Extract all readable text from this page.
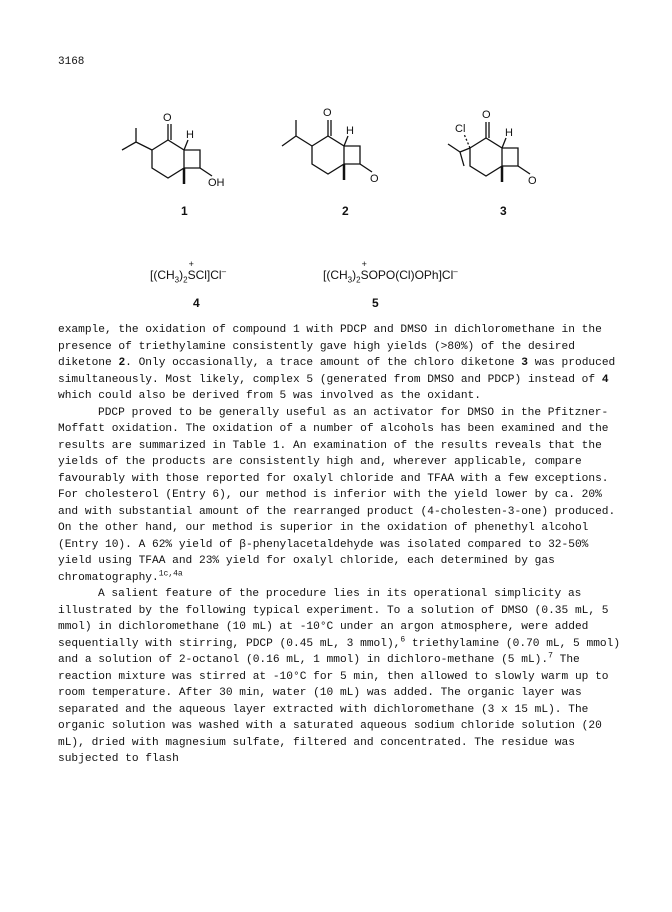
3168
O
H
OH
1
O
H
O
2
Cl
O
H
O
3
[$(CH_3)_2$
+
SCl]Cl–
4
[$(CH_3)_2$
+
SOPO(Cl)OPh]Cl–
5

example, the oxidation of compound 1 with PDCP and DMSO in dichloromethane in the presence of triethylamine consistently gave high yields (>80%) of the desired diketone 2. Only occasionally, a trace amount of the chloro diketone 3 was produced simultaneously. Most likely, complex 5 (generated from DMSO and PDCP) instead of 4 which could also be derived from 5 was involved as the oxidant.

PDCP proved to be generally useful as an activator for DMSO in the Pfitzner-Moffatt oxidation. The oxidation of a number of alcohols has been examined and the results are summarized in Table 1. An examination of the results reveals that the yields of the products are consistently high and, wherever applicable, compare favourably with those reported for oxalyl chloride and TFAA with a few exceptions. For cholesterol (Entry 6), our method is inferior with the yield lower by ca. 20% and with substantial amount of the rearranged product (4-cholesten-3-one) produced. On the other hand, our method is superior in the oxidation of phenethyl alcohol (Entry 10). A 62% yield of β-phenylacetaldehyde was isolated compared to 32-50% yield using TFAA and 23% yield for oxalyl chloride, each determined by gas chromatography.$^{1c,4a}$

A salient feature of the procedure lies in its operational simplicity as illustrated by the following typical experiment. To a solution of DMSO (0.35 mL, 5 mmol) in dichloromethane (10 mL) at -10°C under an argon atmosphere, were added sequentially with stirring, PDCP (0.45 mL, 3 mmol),$^6$ triethylamine (0.70 mL, 5 mmol) and a solution of 2-octanol (0.16 mL, 1 mmol) in dichloro-methane (5 mL).$^7$ The reaction mixture was stirred at -10°C for 5 min, then allowed to slowly warm up to room temperature. After 30 min, water (10 mL) was added. The organic layer was separated and the aqueous layer extracted with dichloromethane (3 x 15 mL). The organic solution was washed with a saturated aqueous sodium chloride solution (20 mL), dried with magnesium sulfate, filtered and concentrated. The residue was subjected to flash
